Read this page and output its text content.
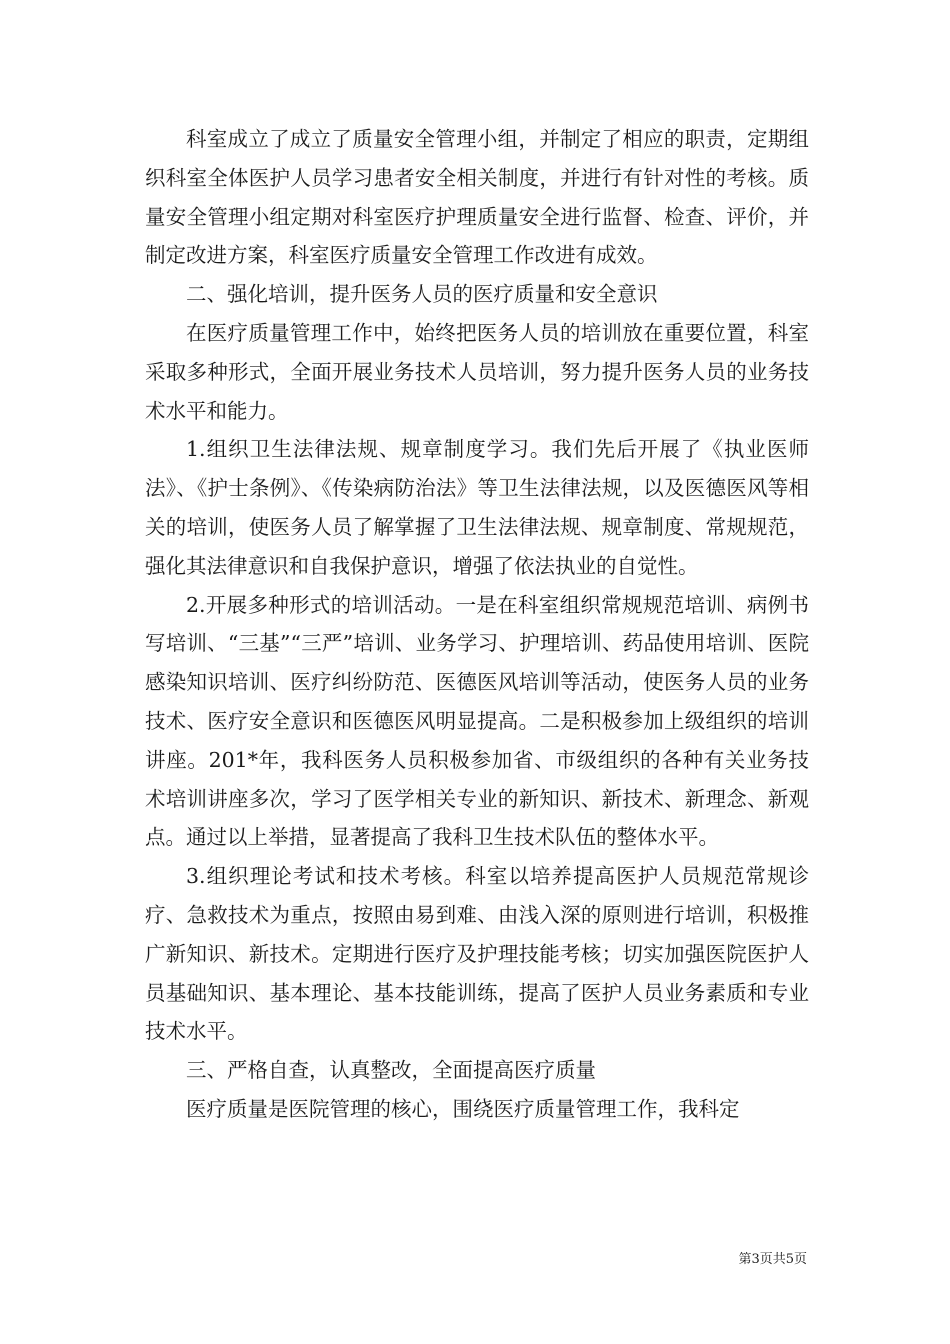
科室成立了成立了质量安全管理小组，并制定了相应的职责，定期组织科室全体医护人员学习患者安全相关制度，并进行有针对性的考核。质量安全管理小组定期对科室医疗护理质量安全进行监督、检查、评价，并制定改进方案，科室医疗质量安全管理工作改进有成效。

二、强化培训，提升医务人员的医疗质量和安全意识

在医疗质量管理工作中，始终把医务人员的培训放在重要位置，科室采取多种形式，全面开展业务技术人员培训，努力提升医务人员的业务技术水平和能力。

1.组织卫生法律法规、规章制度学习。我们先后开展了《执业医师法》、《护士条例》、《传染病防治法》等卫生法律法规，以及医德医风等相关的培训，使医务人员了解掌握了卫生法律法规、规章制度、常规规范，强化其法律意识和自我保护意识，增强了依法执业的自觉性。

2.开展多种形式的培训活动。一是在科室组织常规规范培训、病例书写培训、“三基”“三严”培训、业务学习、护理培训、药品使用培训、医院感染知识培训、医疗纠纷防范、医德医风培训等活动，使医务人员的业务技术、医疗安全意识和医德医风明显提高。二是积极参加上级组织的培训讲座。201*年，我科医务人员积极参加省、市级组织的各种有关业务技术培训讲座多次，学习了医学相关专业的新知识、新技术、新理念、新观点。通过以上举措，显著提高了我科卫生技术队伍的整体水平。

3.组织理论考试和技术考核。科室以培养提高医护人员规范常规诊疗、急救技术为重点，按照由易到难、由浅入深的原则进行培训，积极推广新知识、新技术。定期进行医疗及护理技能考核；切实加强医院医护人员基础知识、基本理论、基本技能训练，提高了医护人员业务素质和专业技术水平。

三、严格自查，认真整改，全面提高医疗质量

医疗质量是医院管理的核心，围绕医疗质量管理工作，我科定

第3页共5页
